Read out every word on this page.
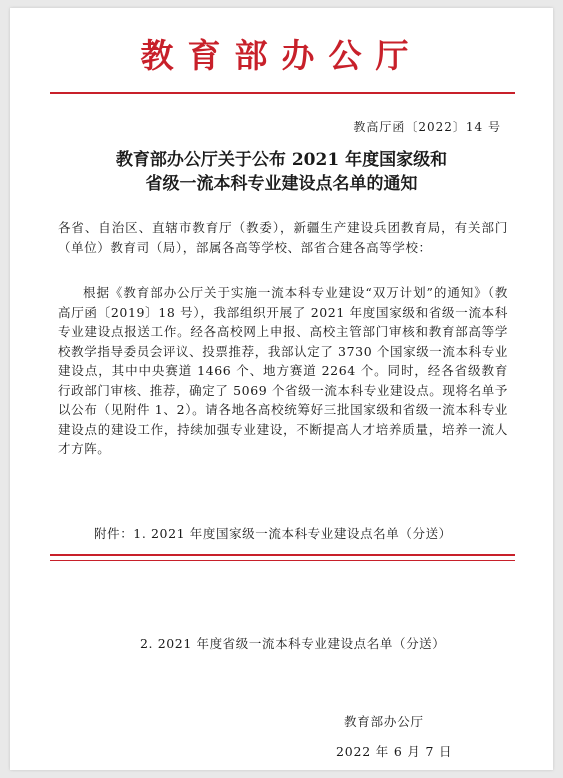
教育部办公厅
教高厅函〔2022〕14 号
教育部办公厅关于公布 2021 年度国家级和
省级一流本科专业建设点名单的通知
各省、自治区、直辖市教育厅（教委），新疆生产建设兵团教育局，有关部门（单位）教育司（局），部属各高等学校、部省合建各高等学校：
根据《教育部办公厅关于实施一流本科专业建设“双万计划”的通知》（教高厅函〔2019〕18 号），我部组织开展了 2021 年度国家级和省级一流本科专业建设点报送工作。经各高校网上申报、高校主管部门审核和教育部高等学校教学指导委员会评议、投票推荐，我部认定了 3730 个国家级一流本科专业建设点，其中中央赛道 1466 个、地方赛道 2264 个。同时，经各省级教育行政部门审核、推荐，确定了 5069 个省级一流本科专业建设点。现将名单予以公布（见附件 1、2）。请各地各高校统筹好三批国家级和省级一流本科专业建设点的建设工作，持续加强专业建设，不断提高人才培养质量，培养一流人才方阵。
附件：1. 2021 年度国家级一流本科专业建设点名单（分送）
2. 2021 年度省级一流本科专业建设点名单（分送）
教育部办公厅
2022 年 6 月 7 日
